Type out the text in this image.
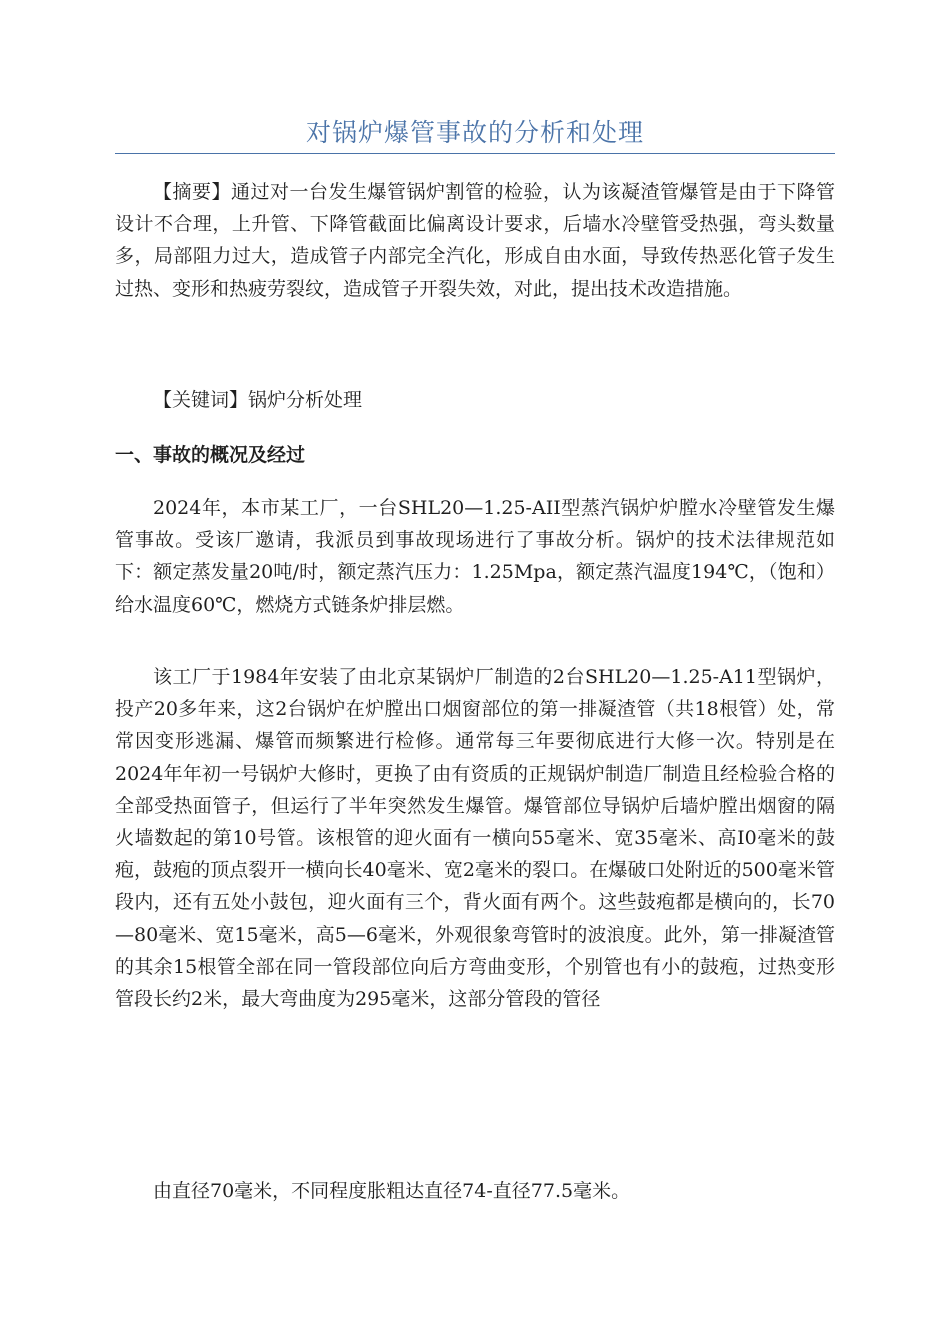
对锅炉爆管事故的分析和处理

【摘要】通过对一台发生爆管锅炉割管的检验，认为该凝渣管爆管是由于下降管设计不合理，上升管、下降管截面比偏离设计要求，后墙水冷壁管受热强，弯头数量多，局部阻力过大，造成管子内部完全汽化，形成自由水面，导致传热恶化管子发生过热、变形和热疲劳裂纹，造成管子开裂失效，对此，提出技术改造措施。

【关键词】锅炉分析处理

一、事故的概况及经过

2024年，本市某工厂，一台SHL20—1.25-AII型蒸汽锅炉炉膛水冷壁管发生爆管事故。受该厂邀请，我派员到事故现场进行了事故分析。锅炉的技术法律规范如下：额定蒸发量20吨/时，额定蒸汽压力：1.25Mpa，额定蒸汽温度194℃，（饱和）给水温度60℃，燃烧方式链条炉排层燃。

该工厂于1984年安装了由北京某锅炉厂制造的2台SHL20—1.25-A11型锅炉，投产20多年来，这2台锅炉在炉膛出口烟窗部位的第一排凝渣管（共18根管）处，常常因变形逃漏、爆管而频繁进行检修。通常每三年要彻底进行大修一次。特别是在2024年年初一号锅炉大修时，更换了由有资质的正规锅炉制造厂制造且经检验合格的全部受热面管子，但运行了半年突然发生爆管。爆管部位导锅炉后墙炉膛出烟窗的隔火墙数起的第10号管。该根管的迎火面有一横向55毫米、宽35毫米、高I0毫米的鼓疱，鼓疱的顶点裂开一横向长40毫米、宽2毫米的裂口。在爆破口处附近的500毫米管段内，还有五处小鼓包，迎火面有三个，背火面有两个。这些鼓疱都是横向的，长70—80毫米、宽15毫米，高5—6毫米，外观很象弯管时的波浪度。此外，第一排凝渣管的其余15根管全部在同一管段部位向后方弯曲变形，个别管也有小的鼓疱，过热变形管段长约2米，最大弯曲度为295毫米，这部分管段的管径

由直径70毫米，不同程度胀粗达直径74-直径77.5毫米。
